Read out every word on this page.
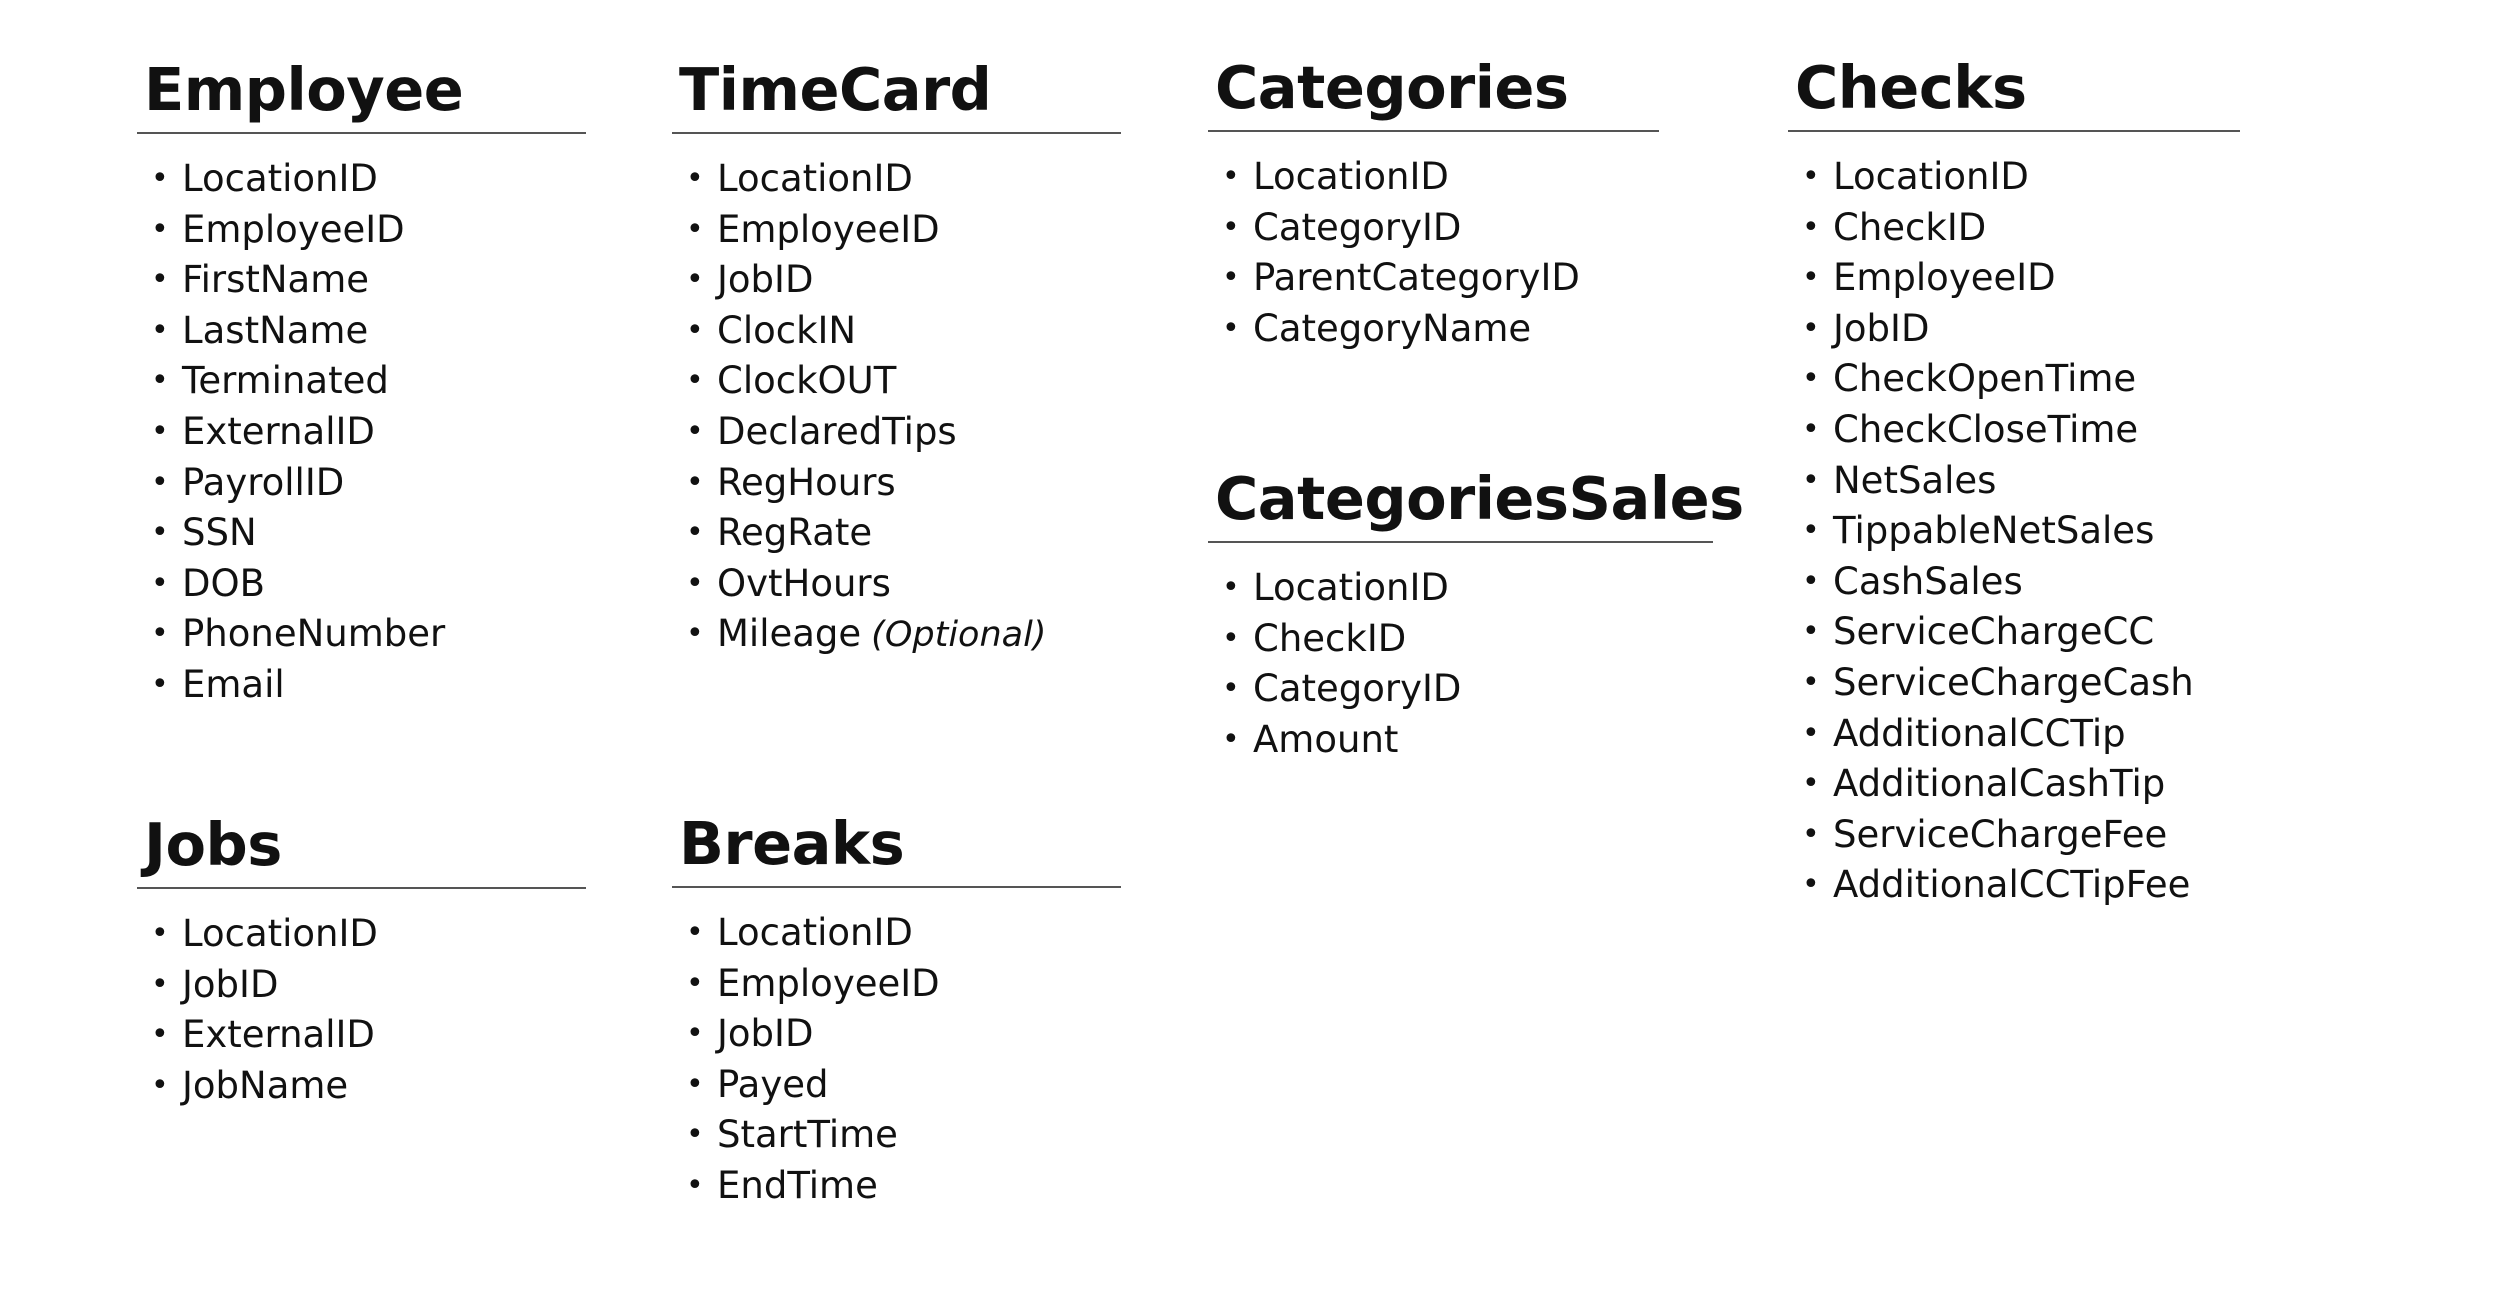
Employee
• LocationID
• EmployeeID
• FirstName
• LastName
• Terminated
• ExternalID
• PayrollID
• SSN
• DOB
• PhoneNumber
• Email
TimeCard
• LocationID
• EmployeeID
• JobID
• ClockIN
• ClockOUT
• DeclaredTips
• RegHours
• RegRate
• OvtHours
• Mileage (Optional)
Categories
• LocationID
• CategoryID
• ParentCategoryID
• CategoryName
Checks
• LocationID
• CheckID
• EmployeeID
• JobID
• CheckOpenTime
• CheckCloseTime
• NetSales
• TippableNetSales
• CashSales
• ServiceChargeCC
• ServiceChargeCash
• AdditionalCCTip
• AdditionalCashTip
• ServiceChargeFee
• AdditionalCCTipFee
CategoriesSales
• LocationID
• CheckID
• CategoryID
• Amount
Jobs
• LocationID
• JobID
• ExternalID
• JobName
Breaks
• LocationID
• EmployeeID
• JobID
• Payed
• StartTime
• EndTime
